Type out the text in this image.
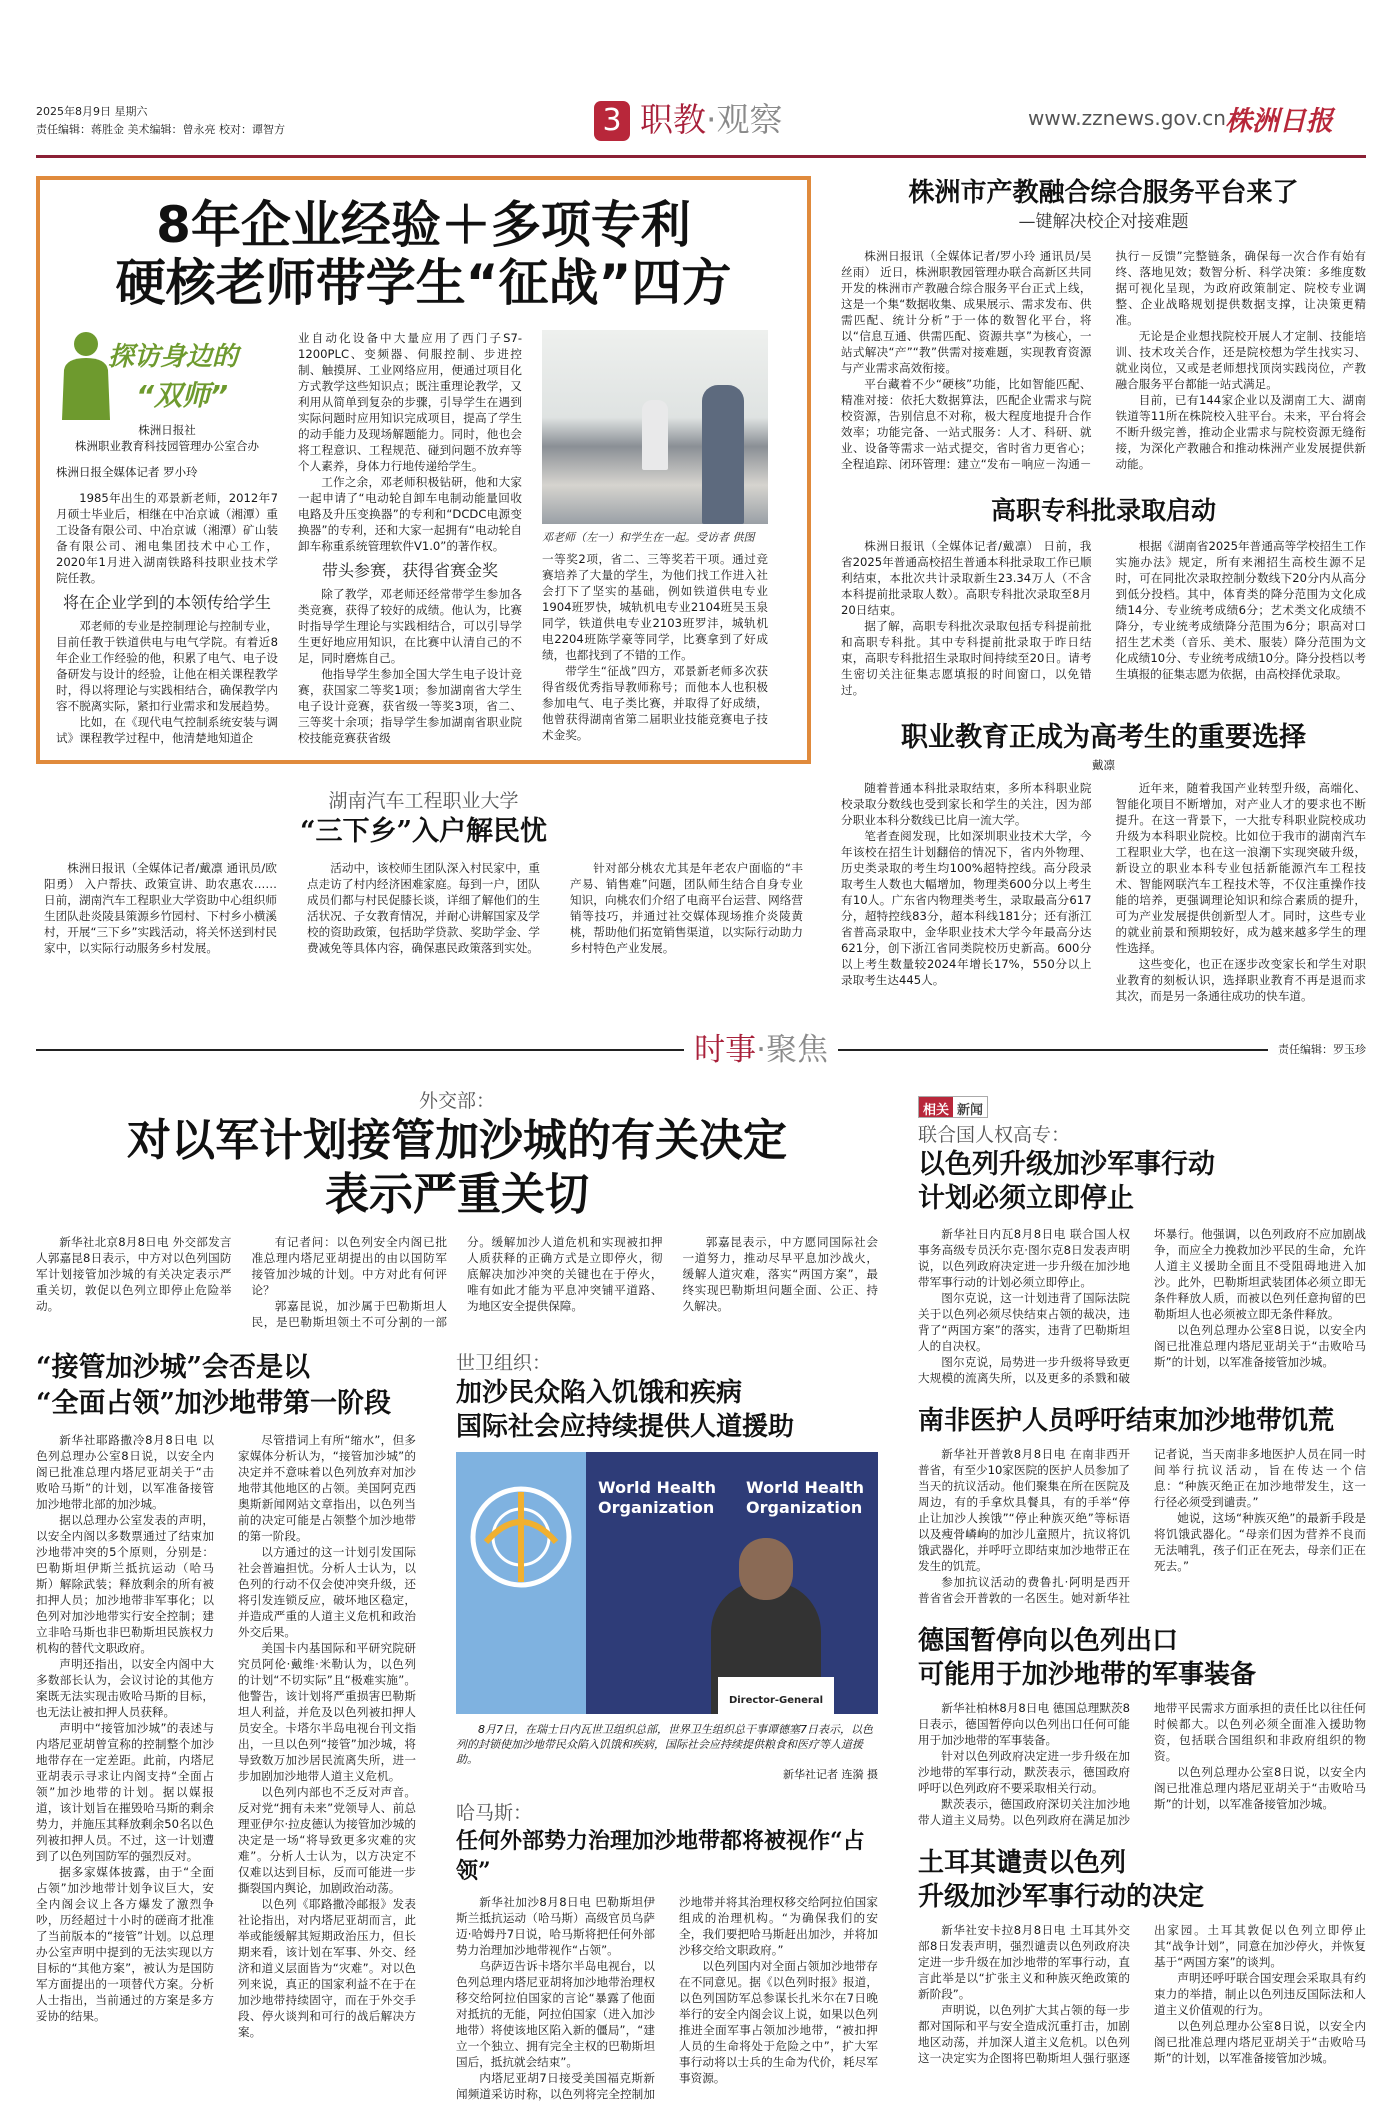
2025年8月9日 星期六
责任编辑：蒋胜金 美术编辑：曾永亮 校对：谭智方	3 职教·观察	www.zznews.gov.cn 株洲日报
8年企业经验＋多项专利
硬核老师带学生“征战”四方
探访身边的
“双师”
株洲日报社
株洲职业教育科技园管理办公室合办
株洲日报全媒体记者 罗小玲

1985年出生的邓景新老师，2012年7月硕士毕业后，相继在中冶京诚（湘潭）重工设备有限公司、中冶京诚（湘潭）矿山装备有限公司、湘电集团技术中心工作，2020年1月进入湖南铁路科技职业技术学院任教。

将在企业学到的本领传给学生

邓老师的专业是控制理论与控制专业，目前任教于铁道供电与电气学院。有着近8年企业工作经验的他，积累了电气、电子设备研发与设计的经验，让他在相关课程教学时，得以将理论与实践相结合，确保教学内容不脱离实际，紧扣行业需求和发展趋势。

比如，在《现代电气控制系统安装与调试》课程教学过程中，他清楚地知道企

业自动化设备中大量应用了西门子S7-1200PLC、变频器、伺服控制、步进控制、触摸屏、工业网络应用，便通过项目化方式教学这些知识点；既注重理论教学，又利用从简单到复杂的步骤，引导学生在遇到实际问题时应用知识完成项目，提高了学生的动手能力及现场解题能力。同时，他也会将工程意识、工程规范、碰到问题不放弃等个人素养，身体力行地传递给学生。

工作之余，邓老师积极钻研，他和大家一起申请了“电动轮自卸车电制动能量回收电路及升压变换器”的专利和“DCDC电源变换器”的专利，还和大家一起拥有“电动轮自卸车称重系统管理软件V1.0”的著作权。

带头参赛，获得省赛金奖

除了教学，邓老师还经常带学生参加各类竞赛，获得了较好的成绩。他认为，比赛时指导学生理论与实践相结合，可以引导学生更好地应用知识，在比赛中认清自己的不足，同时磨炼自己。

他指导学生参加全国大学生电子设计竞赛，获国家二等奖1项；参加湖南省大学生电子设计竞赛，获省级一等奖3项，省二、三等奖十余项；指导学生参加湖南省职业院校技能竞赛获省级

邓老师（左一）和学生在一起。受访者 供图

一等奖2项，省二、三等奖若干项。通过竞赛培养了大量的学生，为他们找工作进入社会打下了坚实的基础，例如铁道供电专业1904班罗快，城轨机电专业2104班吴玉泉同学，铁道供电专业2103班罗沣，城轨机电2204班陈学豪等同学，比赛拿到了好成绩，也都找到了不错的工作。

带学生“征战”四方，邓景新老师多次获得省级优秀指导教师称号；而他本人也积极参加电气、电子类比赛，并取得了好成绩，他曾获得湖南省第二届职业技能竞赛电子技术金奖。

湖南汽车工程职业大学
“三下乡”入户解民忧

株洲日报讯（全媒体记者/戴凛 通讯员/欧阳勇） 入户帮扶、政策宣讲、助农惠农……日前，湖南汽车工程职业大学资助中心组织师生团队赴炎陵县策源乡竹园村、下村乡小横溪村，开展“三下乡”实践活动，将关怀送到村民家中，以实际行动服务乡村发展。

活动中，该校师生团队深入村民家中，重点走访了村内经济困难家庭。每到一户，团队成员们都与村民促膝长谈，详细了解他们的生活状况、子女教育情况，并耐心讲解国家及学校的资助政策，包括助学贷款、奖助学金、学费减免等具体内容，确保惠民政策落到实处。

针对部分桃农尤其是年老农户面临的“丰产易、销售难”问题，团队师生结合自身专业知识，向桃农们介绍了电商平台运营、网络营销等技巧，并通过社交媒体现场推介炎陵黄桃，帮助他们拓宽销售渠道，以实际行动助力乡村特色产业发展。

株洲市产教融合综合服务平台来了
—键解决校企对接难题

株洲日报讯（全媒体记者/罗小玲 通讯员/吴丝雨） 近日，株洲职教园管理办联合高新区共同开发的株洲市产教融合综合服务平台正式上线，这是一个集“数据收集、成果展示、需求发布、供需匹配、统计分析”于一体的数智化平台，将以“信息互通、供需匹配、资源共享”为核心，一站式解决“产”“教”供需对接难题，实现教育资源与产业需求高效衔接。

平台藏着不少“硬核”功能，比如智能匹配、精准对接：依托大数据算法，匹配企业需求与院校资源，告别信息不对称，极大程度地提升合作效率；功能完备、一站式服务：人才、科研、就业、设备等需求一站式提交，省时省力更省心；全程追踪、闭环管理：建立“发布－响应－沟通－执行－反馈”完整链条，确保每一次合作有始有终、落地见效；数智分析、科学决策：多维度数据可视化呈现，为政府政策制定、院校专业调整、企业战略规划提供数据支撑，让决策更精准。

无论是企业想找院校开展人才定制、技能培训、技术攻关合作，还是院校想为学生找实习、就业岗位，又或是老师想找顶岗实践岗位，产教融合服务平台都能一站式满足。

目前，已有144家企业以及湖南工大、湖南铁道等11所在株院校入驻平台。未来，平台将会不断升级完善，推动企业需求与院校资源无缝衔接，为深化产教融合和推动株洲产业发展提供新动能。

高职专科批录取启动

株洲日报讯（全媒体记者/戴凛） 日前，我省2025年普通高校招生普通本科批录取工作已顺利结束，本批次共计录取新生23.34万人（不含本科提前批录取人数）。高职专科批次录取至8月20日结束。

据了解，高职专科批次录取包括专科提前批和高职专科批。其中专科提前批录取于昨日结束，高职专科批招生录取时间持续至20日。请考生密切关注征集志愿填报的时间窗口，以免错过。

根据《湖南省2025年普通高等学校招生工作实施办法》规定，所有来湘招生高校生源不足时，可在同批次录取控制分数线下20分内从高分到低分投档。其中，体育类的降分范围为文化成绩14分、专业统考成绩6分；艺术类文化成绩不降分，专业统考成绩降分范围为6分；职高对口招生艺术类（音乐、美术、服装）降分范围为文化成绩10分、专业统考成绩10分。降分投档以考生填报的征集志愿为依据，由高校择优录取。

职业教育正成为高考生的重要选择
戴凛

随着普通本科批录取结束，多所本科职业院校录取分数线也受到家长和学生的关注，因为部分职业本科分数线已比肩一流大学。

笔者查阅发现，比如深圳职业技术大学，今年该校在招生计划翻倍的情况下，省内外物理、历史类录取的考生均100%超特控线。高分段录取考生人数也大幅增加，物理类600分以上考生有10人。广东省内物理类考生，录取最高分617分，超特控线83分，超本科线181分；还有浙江省普高录取中，金华职业技术大学今年最高分达621分，创下浙江省同类院校历史新高。600分以上考生数量较2024年增长17%，550分以上录取考生达445人。

近年来，随着我国产业转型升级，高端化、智能化项目不断增加，对产业人才的要求也不断提升。在这一背景下，一大批专科职业院校成功升级为本科职业院校。比如位于我市的湖南汽车工程职业大学，也在这一浪潮下实现突破升级，新设立的职业本科专业包括新能源汽车工程技术、智能网联汽车工程技术等，不仅注重操作技能的培养，更强调理论知识和综合素质的提升，可为产业发展提供创新型人才。同时，这些专业的就业前景和预期较好，成为越来越多学生的理性选择。

这些变化，也正在逐步改变家长和学生对职业教育的刻板认识，选择职业教育不再是退而求其次，而是另一条通往成功的快车道。

时事·聚焦	责任编辑：罗玉珍
外交部：
对以军计划接管加沙城的有关决定
表示严重关切

新华社北京8月8日电 外交部发言人郭嘉昆8日表示，中方对以色列国防军计划接管加沙城的有关决定表示严重关切，敦促以色列立即停止危险举动。

有记者问：以色列安全内阁已批准总理内塔尼亚胡提出的由以国防军接管加沙城的计划。中方对此有何评论？

郭嘉昆说，加沙属于巴勒斯坦人民，是巴勒斯坦领土不可分割的一部分。缓解加沙人道危机和实现被扣押人质获释的正确方式是立即停火，彻底解决加沙冲突的关键也在于停火，唯有如此才能为平息冲突铺平道路、为地区安全提供保障。

郭嘉昆表示，中方愿同国际社会一道努力，推动尽早平息加沙战火，缓解人道灾难，落实“两国方案”，最终实现巴勒斯坦问题全面、公正、持久解决。

“接管加沙城”会否是以
“全面占领”加沙地带第一阶段

新华社耶路撒冷8月8日电 以色列总理办公室8日说，以安全内阁已批准总理内塔尼亚胡关于“击败哈马斯”的计划，以军准备接管加沙地带北部的加沙城。

据以总理办公室发表的声明，以安全内阁以多数票通过了结束加沙地带冲突的5个原则，分别是：巴勒斯坦伊斯兰抵抗运动（哈马斯）解除武装；释放剩余的所有被扣押人员；加沙地带非军事化；以色列对加沙地带实行安全控制；建立非哈马斯也非巴勒斯坦民族权力机构的替代文职政府。

声明还指出，以安全内阁中大多数部长认为，会议讨论的其他方案既无法实现击败哈马斯的目标，也无法让被扣押人员获释。

声明中“接管加沙城”的表述与内塔尼亚胡曾宣称的控制整个加沙地带存在一定差距。此前，内塔尼亚胡表示寻求让内阁支持“全面占领”加沙地带的计划。据以媒报道，该计划旨在摧毁哈马斯的剩余势力，并施压其释放剩余50名以色列被扣押人员。不过，这一计划遭到了以色列国防军的强烈反对。

据多家媒体披露，由于“全面占领”加沙地带计划争议巨大，安全内阁会议上各方爆发了激烈争吵，历经超过十小时的磋商才批准了当前版本的“接管”计划。以总理办公室声明中提到的无法实现以方目标的“其他方案”，被认为是国防军方面提出的一项替代方案。分析人士指出，当前通过的方案是多方妥协的结果。

尽管措词上有所“缩水”，但多家媒体分析认为，“接管加沙城”的决定并不意味着以色列放弃对加沙地带其他地区的占领。美国阿克西奥斯新闻网站文章指出，以色列当前的决定可能是占领整个加沙地带的第一阶段。

以方通过的这一计划引发国际社会普遍担忧。分析人士认为，以色列的行动不仅会使冲突升级，还将引发连锁反应，破坏地区稳定，并造成严重的人道主义危机和政治外交后果。

美国卡内基国际和平研究院研究员阿伦·戴维·米勒认为，以色列的计划“不切实际”且“极难实施”。他警告，该计划将严重损害巴勒斯坦人利益，并危及以色列被扣押人员安全。卡塔尔半岛电视台刊文指出，一旦以色列“接管”加沙城，将导致数万加沙居民流离失所，进一步加剧加沙地带人道主义危机。

以色列内部也不乏反对声音。反对党“拥有未来”党领导人、前总理亚伊尔·拉皮德认为接管加沙城的决定是一场“将导致更多灾难的灾难”。分析人士认为，以方决定不仅难以达到目标，反而可能进一步撕裂国内舆论，加剧政治动荡。

以色列《耶路撒冷邮报》发表社论指出，对内塔尼亚胡而言，此举或能缓解其短期政治压力，但长期来看，该计划在军事、外交、经济和道义层面皆为“灾难”。对以色列来说，真正的国家利益不在于在加沙地带持续固守，而在于外交手段、停火谈判和可行的战后解决方案。

世卫组织：
加沙民众陷入饥饿和疾病
国际社会应持续提供人道援助
World Health
Organization
World Health
Organization
Director-General
8月7日，在瑞士日内瓦世卫组织总部，世界卫生组织总干事谭德塞7日表示，以色列的封锁使加沙地带民众陷入饥饿和疾病，国际社会应持续提供粮食和医疗等人道援助。
新华社记者 连漪 摄
哈马斯：
任何外部势力治理加沙地带都将被视作“占领”

新华社加沙8月8日电 巴勒斯坦伊斯兰抵抗运动（哈马斯）高级官员乌萨迈·哈姆丹7日说，哈马斯将把任何外部势力治理加沙地带视作“占领”。

乌萨迈告诉卡塔尔半岛电视台，以色列总理内塔尼亚胡将加沙地带治理权移交给阿拉伯国家的言论“暴露了他面对抵抗的无能，阿拉伯国家（进入加沙地带）将使该地区陷入新的僵局”，“建立一个独立、拥有完全主权的巴勒斯坦国后，抵抗就会结束”。

内塔尼亚胡7日接受美国福克斯新闻频道采访时称，以色列将完全控制加沙地带并将其治理权移交给阿拉伯国家组成的治理机构。“为确保我们的安全，我们要把哈马斯赶出加沙，并将加沙移交给文职政府。”

以色列国内对全面占领加沙地带存在不同意见。据《以色列时报》报道，以色列国防军总参谋长扎米尔在7日晚举行的安全内阁会议上说，如果以色列推进全面军事占领加沙地带，“被扣押人员的生命将处于危险之中”，扩大军事行动将以士兵的生命为代价，耗尽军事资源。

相关 新闻
联合国人权高专：
以色列升级加沙军事行动
计划必须立即停止

新华社日内瓦8月8日电 联合国人权事务高级专员沃尔克·图尔克8日发表声明说，以色列政府决定进一步升级在加沙地带军事行动的计划必须立即停止。

图尔克说，这一计划违背了国际法院关于以色列必须尽快结束占领的裁决，违背了“两国方案”的落实，违背了巴勒斯坦人的自决权。

图尔克说，局势进一步升级将导致更大规模的流离失所，以及更多的杀戮和破坏暴行。他强调，以色列政府不应加剧战争，而应全力挽救加沙平民的生命，允许人道主义援助全面且不受阻碍地进入加沙。此外，巴勒斯坦武装团体必须立即无条件释放人质，而被以色列任意拘留的巴勒斯坦人也必须被立即无条件释放。

以色列总理办公室8日说，以安全内阁已批准总理内塔尼亚胡关于“击败哈马斯”的计划，以军准备接管加沙城。

南非医护人员呼吁结束加沙地带饥荒

新华社开普敦8月8日电 在南非西开普省，有至少10家医院的医护人员参加了当天的抗议活动。他们聚集在所在医院及周边，有的手拿炊具餐具，有的手举“停止让加沙人挨饿”“停止种族灭绝”等标语以及瘦骨嶙峋的加沙儿童照片，抗议将饥饿武器化，并呼吁立即结束加沙地带正在发生的饥荒。

参加抗议活动的费鲁扎·阿明是西开普省省会开普敦的一名医生。她对新华社记者说，当天南非多地医护人员在同一时间举行抗议活动，旨在传达一个信息：“种族灭绝正在加沙地带发生，这一行径必须受到谴责。”

她说，这场“种族灭绝”的最新手段是将饥饿武器化。“母亲们因为营养不良而无法哺乳，孩子们正在死去，母亲们正在死去。”

德国暂停向以色列出口
可能用于加沙地带的军事装备

新华社柏林8月8日电 德国总理默茨8日表示，德国暂停向以色列出口任何可能用于加沙地带的军事装备。

针对以色列政府决定进一步升级在加沙地带的军事行动，默茨表示，德国政府呼吁以色列政府不要采取相关行动。

默茨表示，德国政府深切关注加沙地带人道主义局势。以色列政府在满足加沙地带平民需求方面承担的责任比以往任何时候都大。以色列必须全面准入援助物资，包括联合国组织和非政府组织的物资。

以色列总理办公室8日说，以安全内阁已批准总理内塔尼亚胡关于“击败哈马斯”的计划，以军准备接管加沙城。

土耳其谴责以色列
升级加沙军事行动的决定

新华社安卡拉8月8日电 土耳其外交部8日发表声明，强烈谴责以色列政府决定进一步升级在加沙地带的军事行动，直言此举是以“扩张主义和种族灭绝政策的新阶段”。

声明说，以色列扩大其占领的每一步都对国际和平与安全造成沉重打击，加剧地区动荡，并加深人道主义危机。以色列这一决定实为企图将巴勒斯坦人强行驱逐出家园。土耳其敦促以色列立即停止其“战争计划”，同意在加沙停火，并恢复基于“两国方案”的谈判。

声明还呼吁联合国安理会采取具有约束力的举措，制止以色列违反国际法和人道主义价值观的行为。

以色列总理办公室8日说，以安全内阁已批准总理内塔尼亚胡关于“击败哈马斯”的计划，以军准备接管加沙城。
